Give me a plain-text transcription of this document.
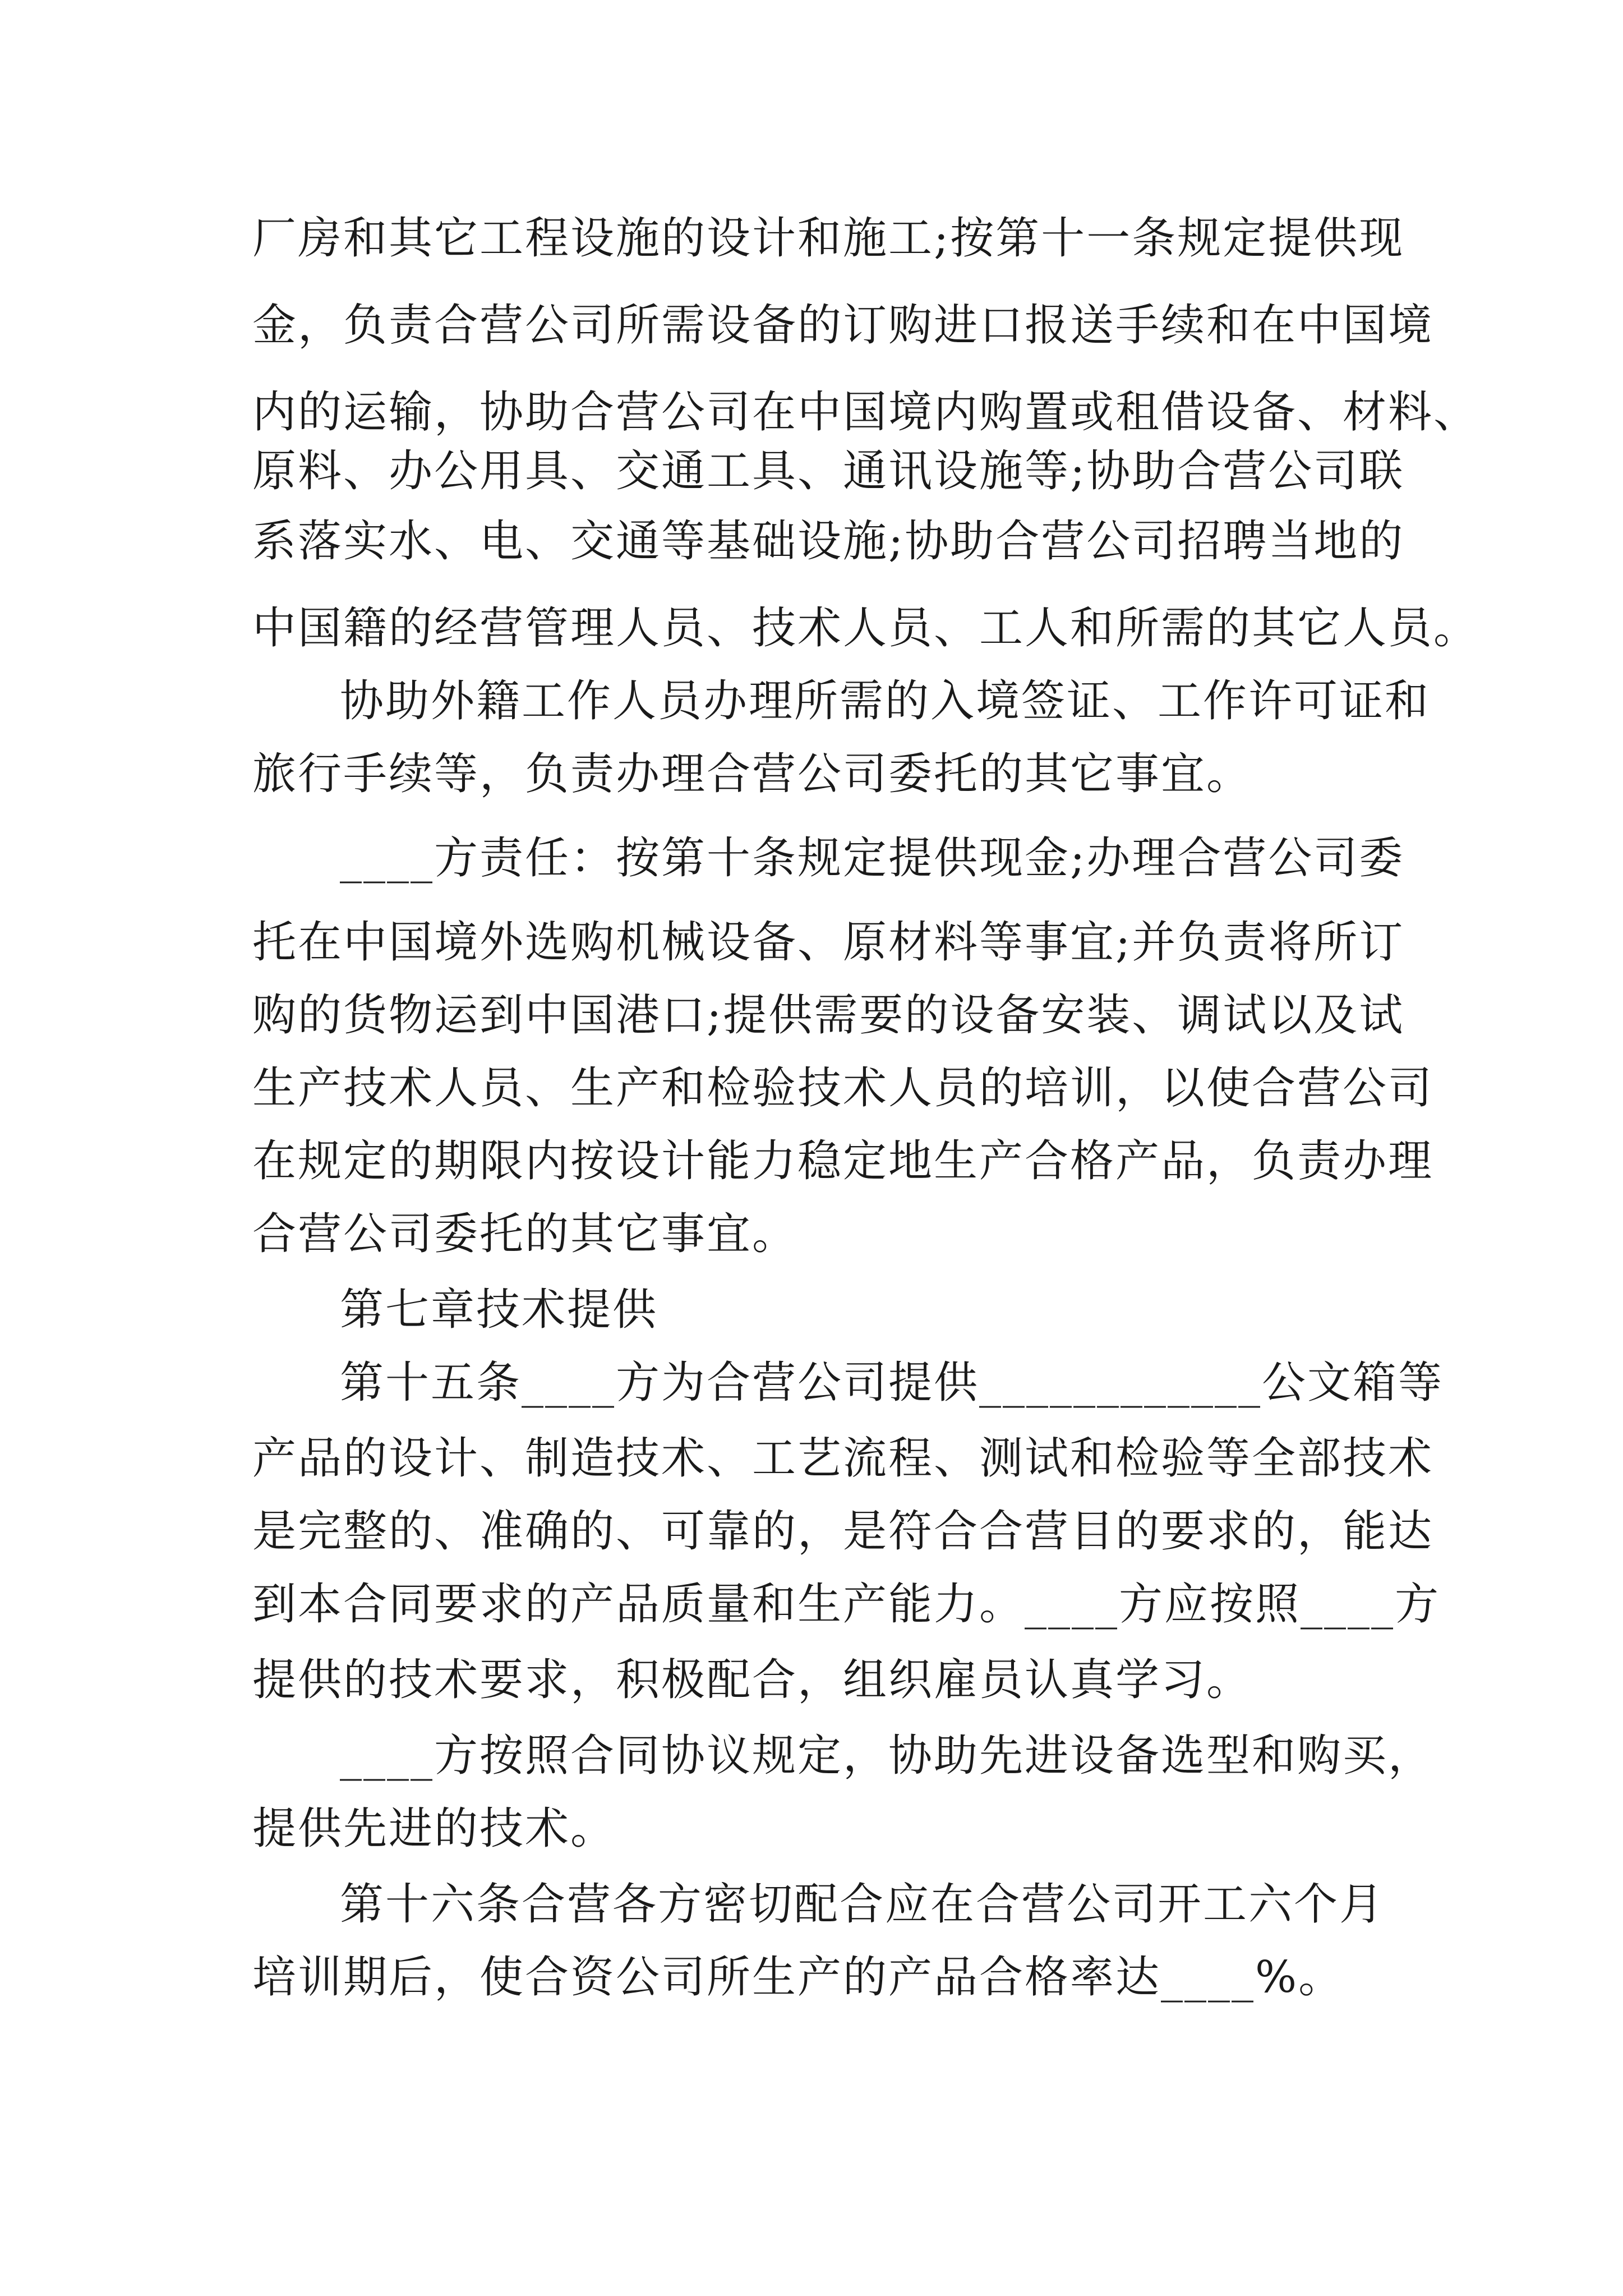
厂房和其它工程设施的设计和施工;按第十一条规定提供现
金，负责合营公司所需设备的订购进口报送手续和在中国境
内的运输，协助合营公司在中国境内购置或租借设备、材料、
原料、办公用具、交通工具、通讯设施等;协助合营公司联
系落实水、电、交通等基础设施;协助合营公司招聘当地的
中国籍的经营管理人员、技术人员、工人和所需的其它人员。
协助外籍工作人员办理所需的入境签证、工作许可证和
旅行手续等，负责办理合营公司委托的其它事宜。
____方责任：按第十条规定提供现金;办理合营公司委
托在中国境外选购机械设备、原材料等事宜;并负责将所订
购的货物运到中国港口;提供需要的设备安装、调试以及试
生产技术人员、生产和检验技术人员的培训，以使合营公司
在规定的期限内按设计能力稳定地生产合格产品，负责办理
合营公司委托的其它事宜。
第七章技术提供
第十五条____方为合营公司提供____________公文箱等
产品的设计、制造技术、工艺流程、测试和检验等全部技术
是完整的、准确的、可靠的，是符合合营目的要求的，能达
到本合同要求的产品质量和生产能力。____方应按照____方
提供的技术要求，积极配合，组织雇员认真学习。
____方按照合同协议规定，协助先进设备选型和购买，
提供先进的技术。
第十六条合营各方密切配合应在合营公司开工六个月
培训期后，使合资公司所生产的产品合格率达____%。
